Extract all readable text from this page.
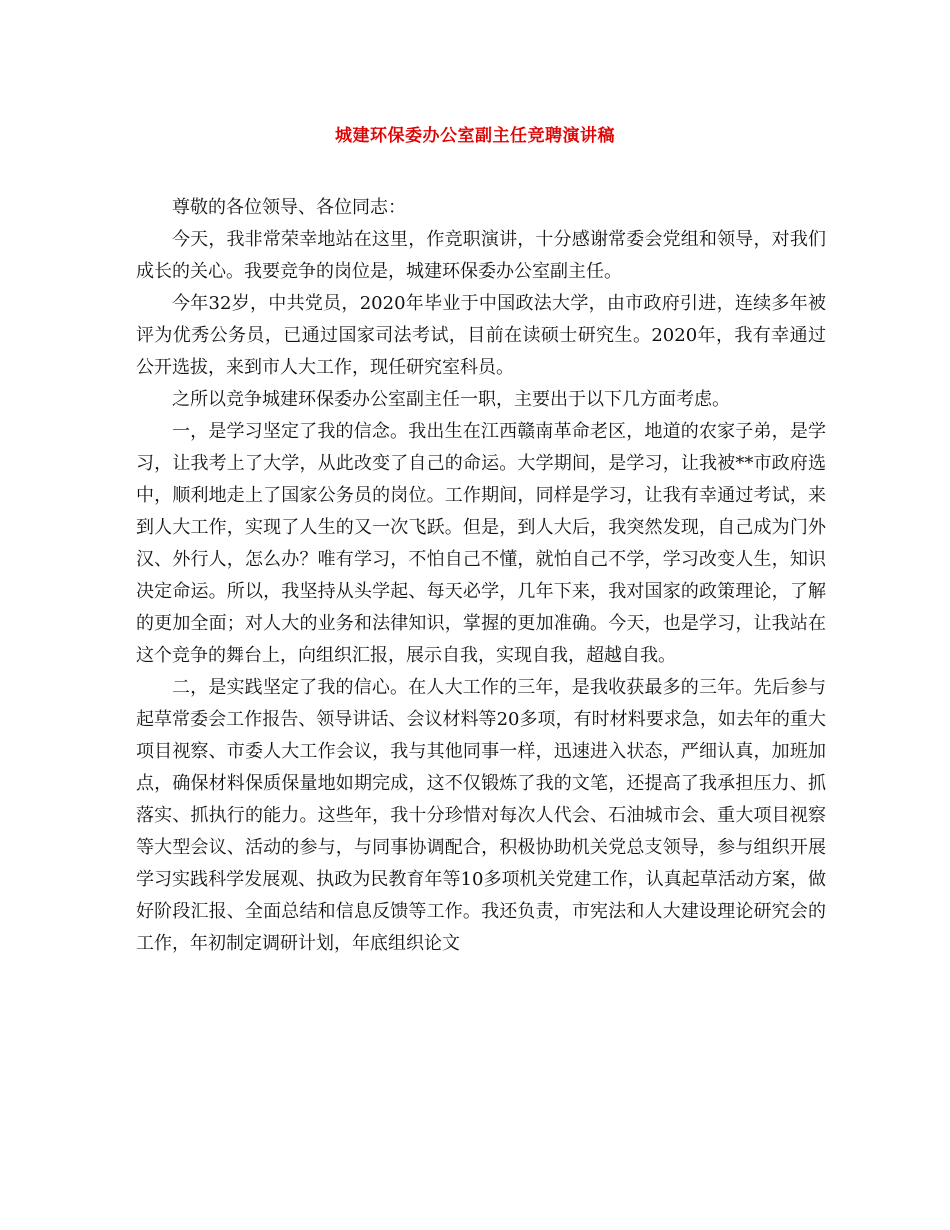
城建环保委办公室副主任竞聘演讲稿

尊敬的各位领导、各位同志：

今天，我非常荣幸地站在这里，作竞职演讲，十分感谢常委会党组和领导，对我们成长的关心。我要竞争的岗位是，城建环保委办公室副主任。

今年32岁，中共党员，2020年毕业于中国政法大学，由市政府引进，连续多年被评为优秀公务员，已通过国家司法考试，目前在读硕士研究生。2020年，我有幸通过公开选拔，来到市人大工作，现任研究室科员。

之所以竞争城建环保委办公室副主任一职，主要出于以下几方面考虑。

一，是学习坚定了我的信念。我出生在江西赣南革命老区，地道的农家子弟，是学习，让我考上了大学，从此改变了自己的命运。大学期间，是学习，让我被**市政府选中，顺利地走上了国家公务员的岗位。工作期间，同样是学习，让我有幸通过考试，来到人大工作，实现了人生的又一次飞跃。但是，到人大后，我突然发现，自己成为门外汉、外行人，怎么办？唯有学习，不怕自己不懂，就怕自己不学，学习改变人生，知识决定命运。所以，我坚持从头学起、每天必学，几年下来，我对国家的政策理论，了解的更加全面；对人大的业务和法律知识，掌握的更加准确。今天，也是学习，让我站在这个竞争的舞台上，向组织汇报，展示自我，实现自我，超越自我。

二，是实践坚定了我的信心。在人大工作的三年，是我收获最多的三年。先后参与起草常委会工作报告、领导讲话、会议材料等20多项，有时材料要求急，如去年的重大项目视察、市委人大工作会议，我与其他同事一样，迅速进入状态，严细认真，加班加点，确保材料保质保量地如期完成，这不仅锻炼了我的文笔，还提高了我承担压力、抓落实、抓执行的能力。这些年，我十分珍惜对每次人代会、石油城市会、重大项目视察等大型会议、活动的参与，与同事协调配合，积极协助机关党总支领导，参与组织开展学习实践科学发展观、执政为民教育年等10多项机关党建工作，认真起草活动方案，做好阶段汇报、全面总结和信息反馈等工作。我还负责，市宪法和人大建设理论研究会的工作，年初制定调研计划，年底组织论文
